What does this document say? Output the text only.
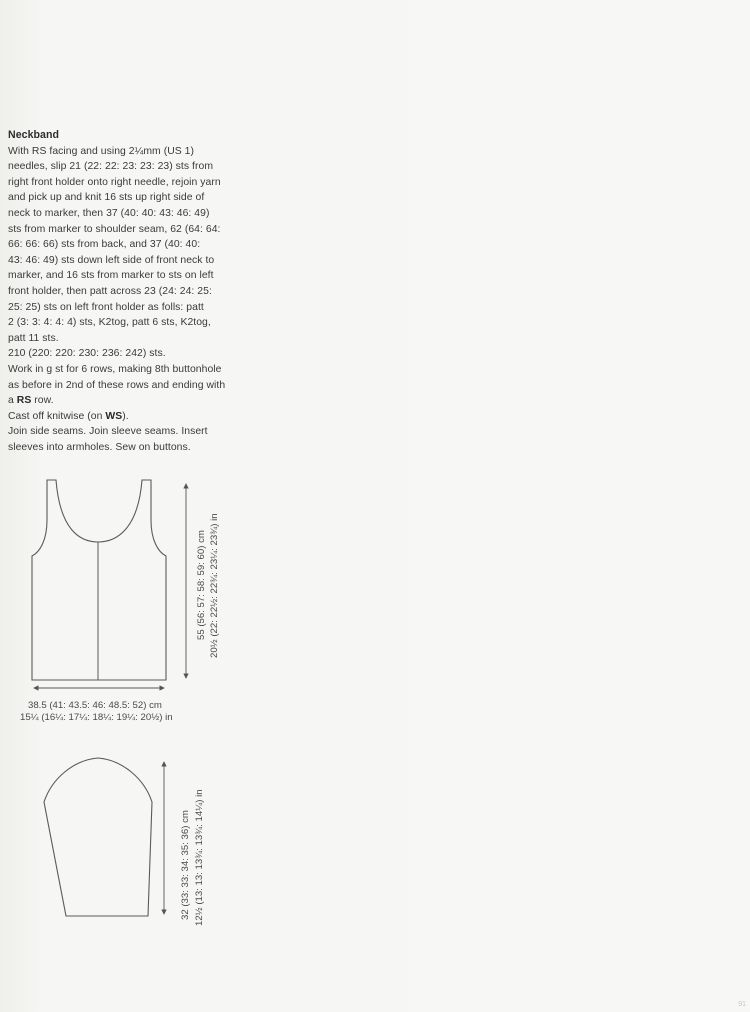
Neckband
With RS facing and using 2¼mm (US 1)
needles, slip 21 (22: 22: 23: 23: 23) sts from
right front holder onto right needle, rejoin yarn
and pick up and knit 16 sts up right side of
neck to marker, then 37 (40: 40: 43: 46: 49)
sts from marker to shoulder seam, 62 (64: 64:
66: 66: 66) sts from back, and 37 (40: 40:
43: 46: 49) sts down left side of front neck to
marker, and 16 sts from marker to sts on left
front holder, then patt across 23 (24: 24: 25:
25: 25) sts on left front holder as folls: patt
2 (3: 3: 4: 4: 4) sts, K2tog, patt 6 sts, K2tog,
patt 11 sts.
210 (220: 220: 230: 236: 242) sts.
Work in g st for 6 rows, making 8th buttonhole
as before in 2nd of these rows and ending with
a RS row.
Cast off knitwise (on WS).
Join side seams. Join sleeve seams. Insert
sleeves into armholes. Sew on buttons.
55 (56: 57: 58: 59: 60) cm 20½ (22: 22½: 22¾: 23¼: 23¾) in
38.5 (41: 43.5: 46: 48.5: 52) cm
15¼ (16¼: 17¼: 18¼: 19¼: 20½) in
32 (33: 33: 34: 35: 36) cm 12½ (13: 13: 13¾: 13¾: 14¼) in
91
